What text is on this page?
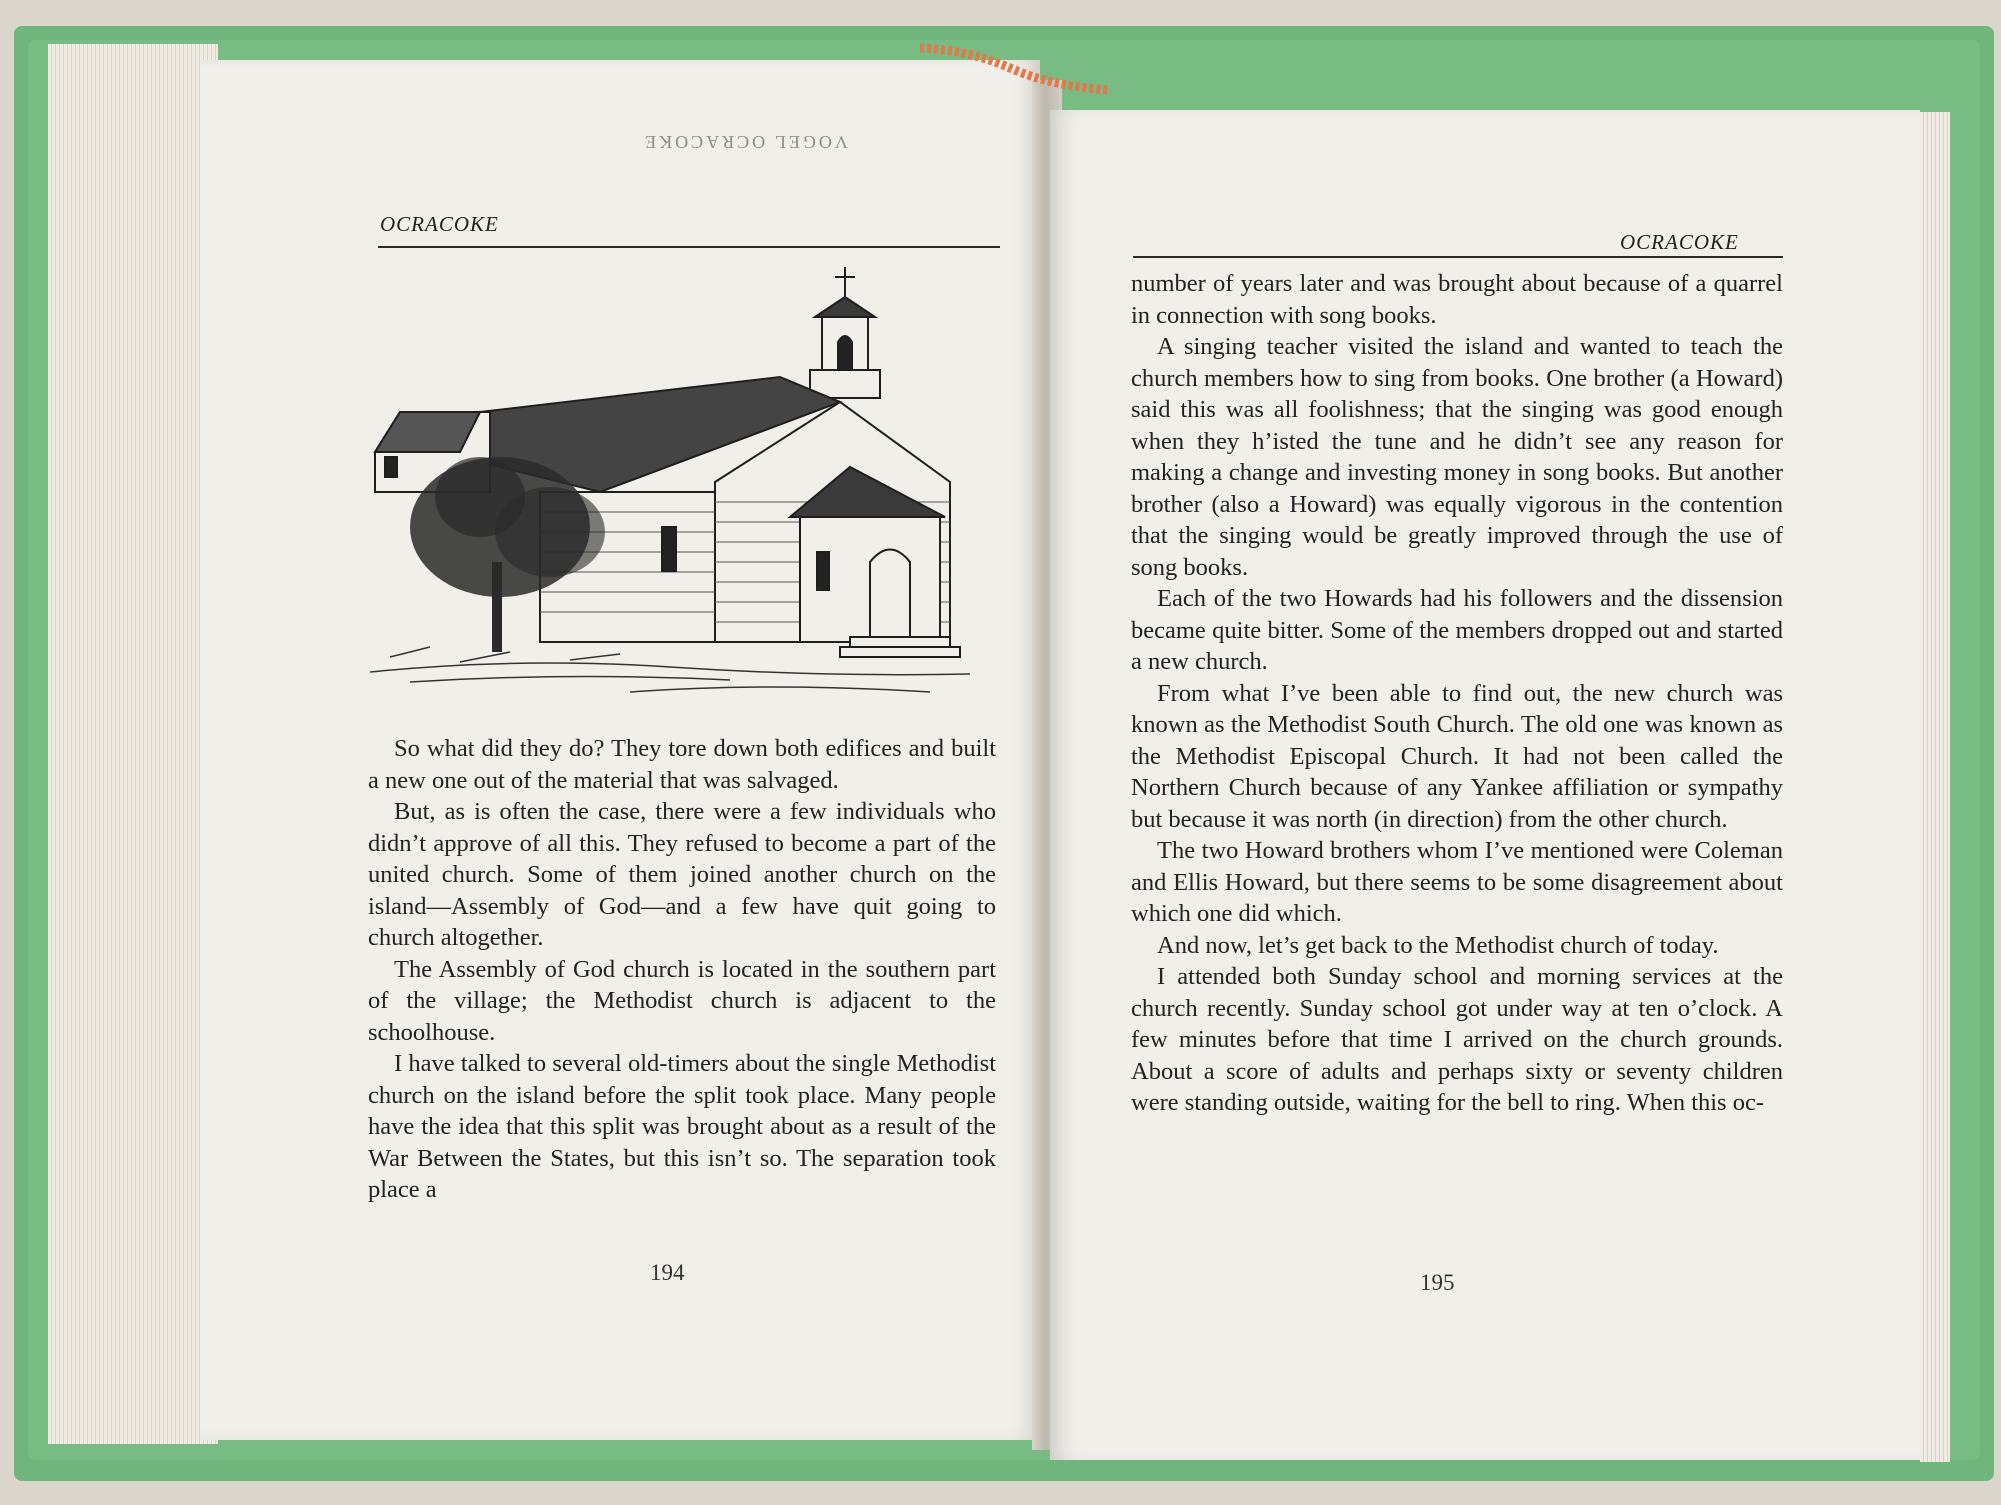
VOGEL OCRACOKE
OCRACOKE

So what did they do? They tore down both edifices and built a new one out of the material that was salvaged.

But, as is often the case, there were a few individuals who didn’t approve of all this. They refused to become a part of the united church. Some of them joined another church on the island—Assembly of God—and a few have quit going to church altogether.

The Assembly of God church is located in the southern part of the village; the Methodist church is adjacent to the schoolhouse.

I have talked to several old-timers about the single Methodist church on the island before the split took place. Many people have the idea that this split was brought about as a result of the War Between the States, but this isn’t so. The separation took place a

194
OCRACOKE

number of years later and was brought about because of a quarrel in connection with song books.

A singing teacher visited the island and wanted to teach the church members how to sing from books. One brother (a Howard) said this was all foolishness; that the singing was good enough when they h’isted the tune and he didn’t see any reason for making a change and investing money in song books. But another brother (also a Howard) was equally vigorous in the contention that the singing would be greatly improved through the use of song books.

Each of the two Howards had his followers and the dissension became quite bitter. Some of the members dropped out and started a new church.

From what I’ve been able to find out, the new church was known as the Methodist South Church. The old one was known as the Methodist Episcopal Church. It had not been called the Northern Church because of any Yankee affiliation or sympathy but because it was north (in direction) from the other church.

The two Howard brothers whom I’ve mentioned were Coleman and Ellis Howard, but there seems to be some disagreement about which one did which.

And now, let’s get back to the Methodist church of today.

I attended both Sunday school and morning services at the church recently. Sunday school got under way at ten o’clock. A few minutes before that time I arrived on the church grounds. About a score of adults and perhaps sixty or seventy children were standing outside, waiting for the bell to ring. When this oc-

195
